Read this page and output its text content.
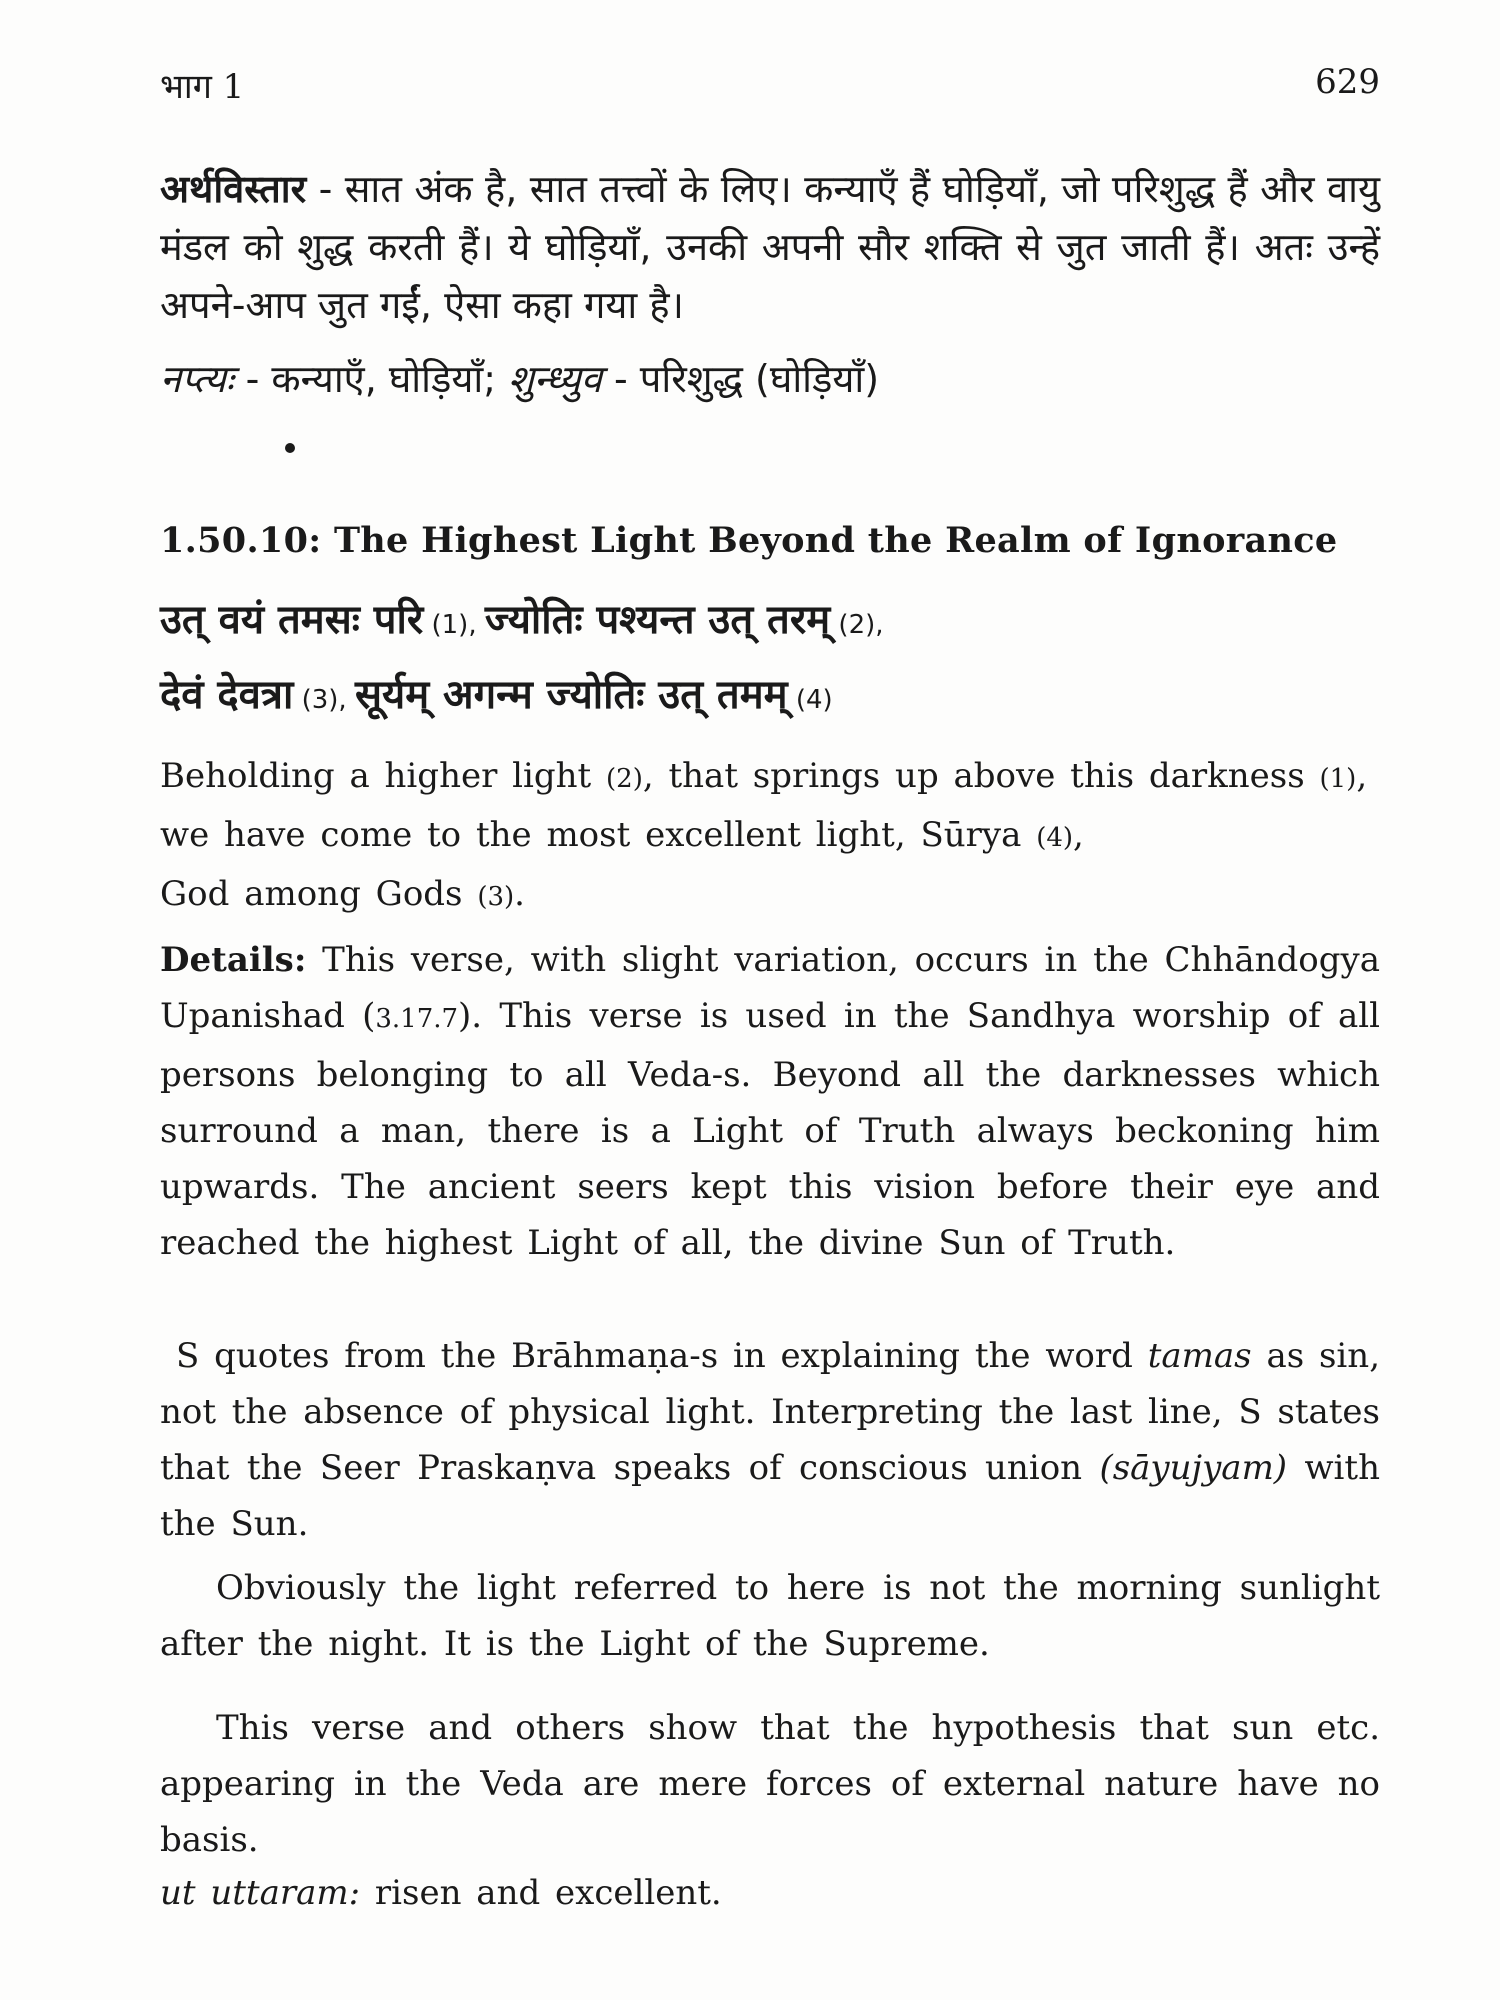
भाग 1	629

अर्थविस्तार - सात अंक है, सात तत्त्वों के लिए। कन्याएँ हैं घोड़ियाँ, जो परिशुद्ध हैं और वायु मंडल को शुद्ध करती हैं। ये घोड़ियाँ, उनकी अपनी सौर शक्ति से जुत जाती हैं। अतः उन्हें अपने-आप जुत गईं, ऐसा कहा गया है।

नप्त्यः - कन्याएँ, घोड़ियाँ; शुन्ध्युव - परिशुद्ध (घोड़ियाँ)

1.50.10: The Highest Light Beyond the Realm of Ignorance
उत् वयं तमसः परि (1), ज्योतिः पश्यन्त उत् तरम् (2),
देवं देवत्रा (3), सूर्यम् अगन्म ज्योतिः उत् तमम् (4)
Beholding a higher light (2), that springs up above this darkness (1),
we have come to the most excellent light, Sūrya (4),
God among Gods (3).

Details: This verse, with slight variation, occurs in the Chhāndogya Upanishad (3.17.7). This verse is used in the Sandhya worship of all persons belonging to all Veda-s. Beyond all the darknesses which surround a man, there is a Light of Truth always beckoning him upwards. The ancient seers kept this vision before their eye and reached the highest Light of all, the divine Sun of Truth.

S quotes from the Brāhmaṇa-s in explaining the word tamas as sin, not the absence of physical light. Interpreting the last line, S states that the Seer Praskaṇva speaks of conscious union (sāyujyam) with the Sun.

Obviously the light referred to here is not the morning sunlight after the night. It is the Light of the Supreme.

This verse and others show that the hypothesis that sun etc. appearing in the Veda are mere forces of external nature have no basis.

ut uttaram: risen and excellent.
